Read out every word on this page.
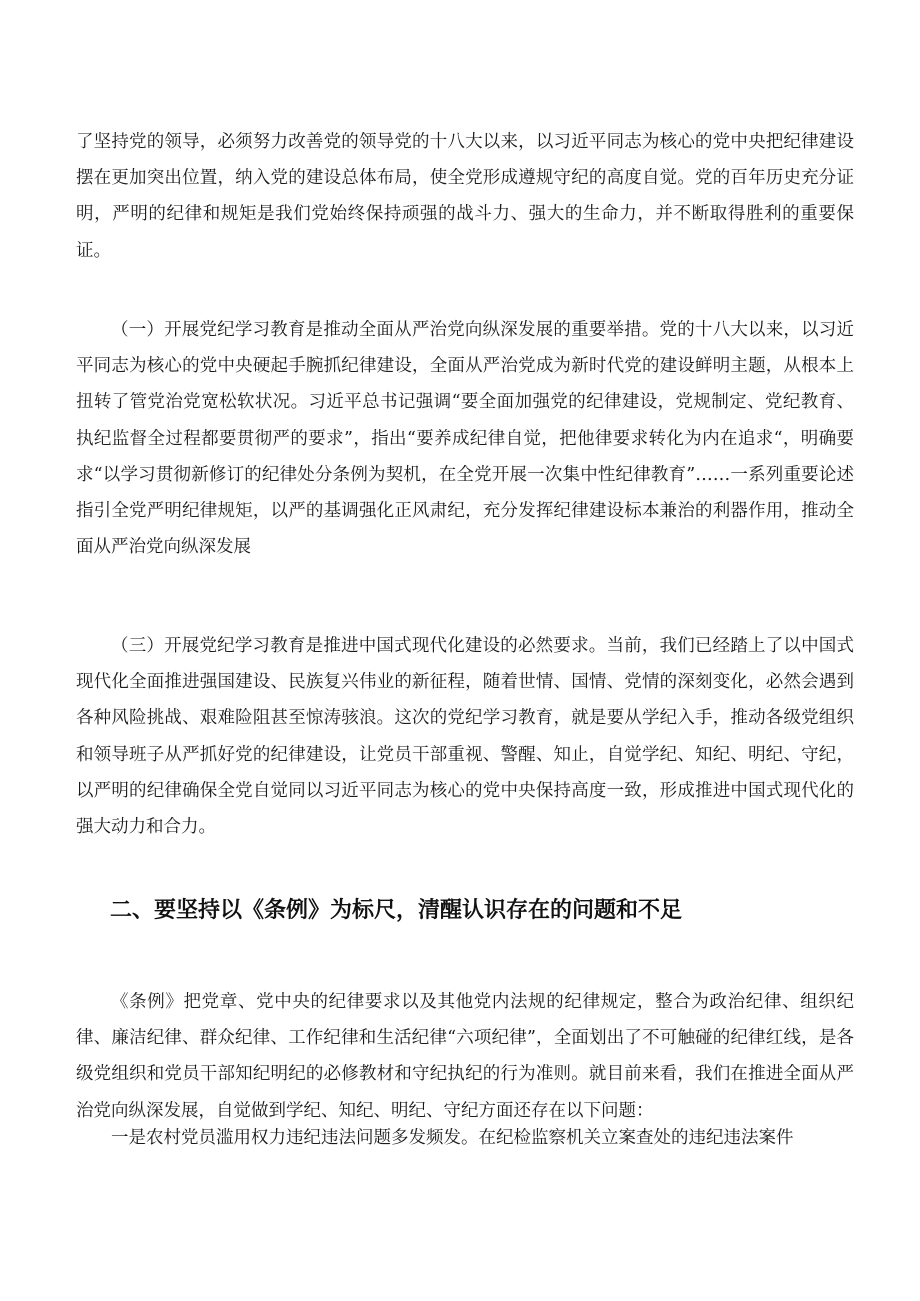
了坚持党的领导，必须努力改善党的领导党的十八大以来，以习近平同志为核心的党中央把纪律建设摆在更加突出位置，纳入党的建设总体布局，使全党形成遵规守纪的高度自觉。党的百年历史充分证明，严明的纪律和规矩是我们党始终保持顽强的战斗力、强大的生命力，并不断取得胜利的重要保证。

（一）开展党纪学习教育是推动全面从严治党向纵深发展的重要举措。党的十八大以来，以习近平同志为核心的党中央硬起手腕抓纪律建设，全面从严治党成为新时代党的建设鲜明主题，从根本上扭转了管党治党宽松软状况。习近平总书记强调“要全面加强党的纪律建设，党规制定、党纪教育、执纪监督全过程都要贯彻严的要求”，指出“要养成纪律自觉，把他律要求转化为内在追求“，明确要求“以学习贯彻新修订的纪律处分条例为契机，在全党开展一次集中性纪律教育”……一系列重要论述指引全党严明纪律规矩，以严的基调强化正风肃纪，充分发挥纪律建设标本兼治的利器作用，推动全面从严治党向纵深发展

（三）开展党纪学习教育是推进中国式现代化建设的必然要求。当前，我们已经踏上了以中国式现代化全面推进强国建设、民族复兴伟业的新征程，随着世情、国情、党情的深刻变化，必然会遇到各种风险挑战、艰难险阻甚至惊涛骇浪。这次的党纪学习教育，就是要从学纪入手，推动各级党组织和领导班子从严抓好党的纪律建设，让党员干部重视、警醒、知止，自觉学纪、知纪、明纪、守纪，以严明的纪律确保全党自觉同以习近平同志为核心的党中央保持高度一致，形成推进中国式现代化的强大动力和合力。

二、要坚持以《条例》为标尺，清醒认识存在的问题和不足

《条例》把党章、党中央的纪律要求以及其他党内法规的纪律规定，整合为政治纪律、组织纪律、廉洁纪律、群众纪律、工作纪律和生活纪律“六项纪律”，全面划出了不可触碰的纪律红线，是各级党组织和党员干部知纪明纪的必修教材和守纪执纪的行为准则。就目前来看，我们在推进全面从严治党向纵深发展，自觉做到学纪、知纪、明纪、守纪方面还存在以下问题：

一是农村党员滥用权力违纪违法问题多发频发。在纪检监察机关立案查处的违纪违法案件
